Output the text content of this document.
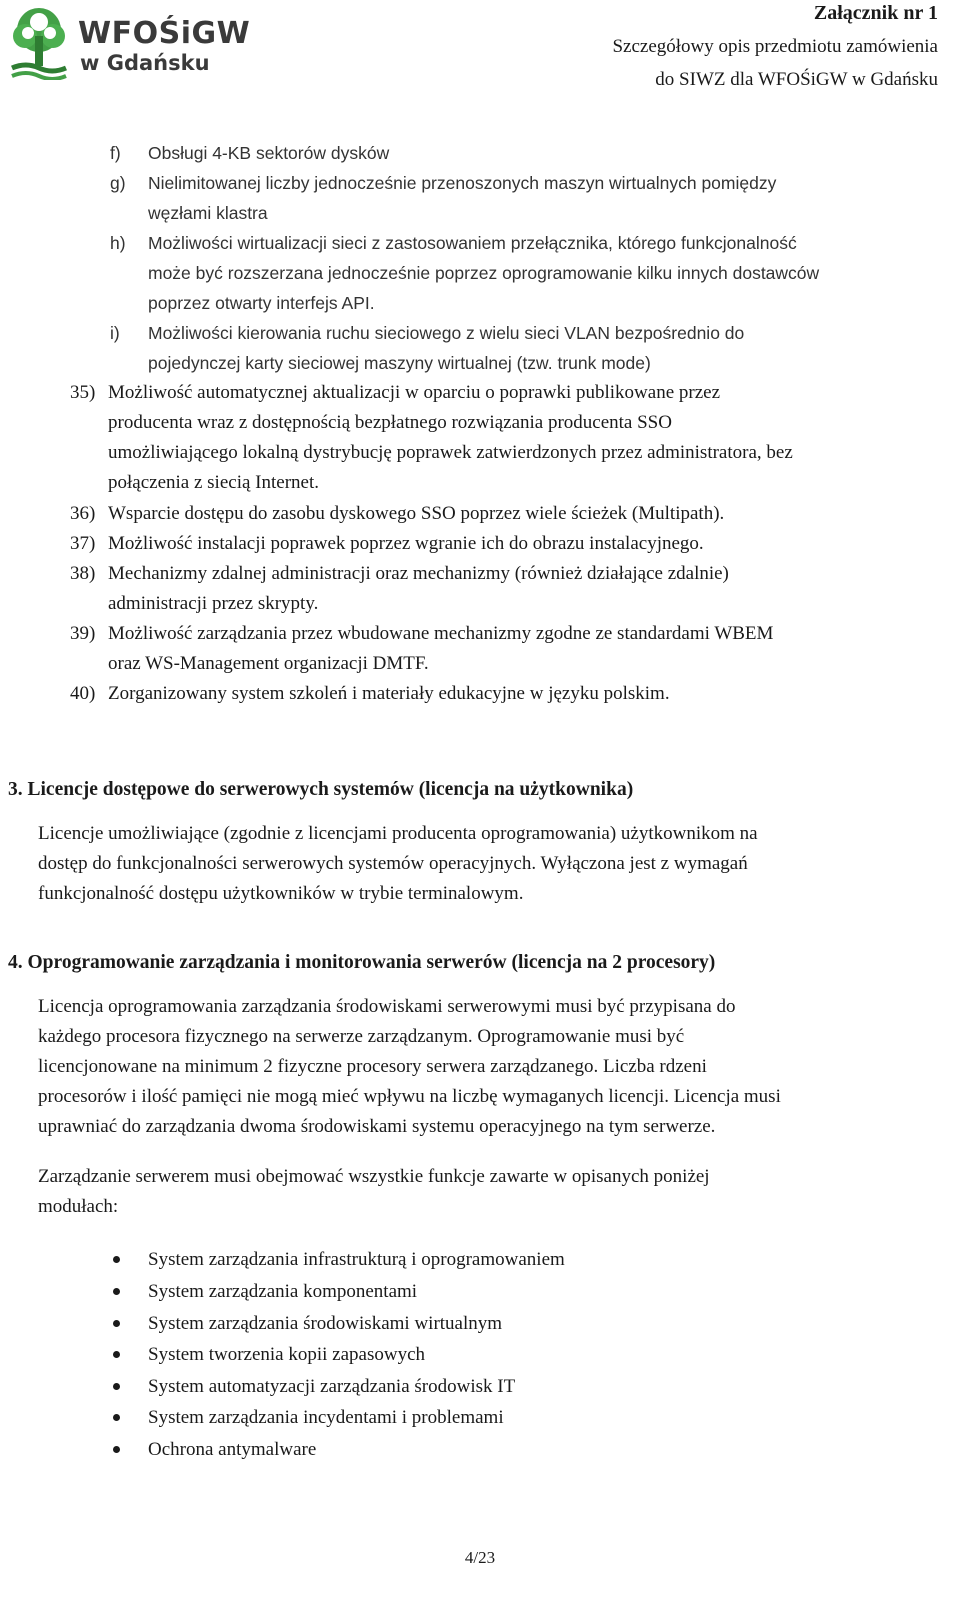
WFOŚiGW
w Gdańsku
Załącznik nr 1
Szczegółowy opis przedmiotu zamówienia
do SIWZ dla WFOŚiGW w Gdańsku
f) Obsługi 4-KB sektorów dysków
g) Nielimitowanej liczby jednocześnie przenoszonych maszyn wirtualnych pomiędzy
węzłami klastra
h) Możliwości wirtualizacji sieci z zastosowaniem przełącznika, którego funkcjonalność
może być rozszerzana jednocześnie poprzez oprogramowanie kilku innych dostawców
poprzez otwarty interfejs API.
i) Możliwości kierowania ruchu sieciowego z wielu sieci VLAN bezpośrednio do
pojedynczej karty sieciowej maszyny wirtualnej (tzw. trunk mode)
35) Możliwość automatycznej aktualizacji w oparciu o poprawki publikowane przez
producenta wraz z dostępnością bezpłatnego rozwiązania producenta SSO
umożliwiającego lokalną dystrybucję poprawek zatwierdzonych przez administratora, bez
połączenia z siecią Internet.
36) Wsparcie dostępu do zasobu dyskowego SSO poprzez wiele ścieżek (Multipath).
37) Możliwość instalacji poprawek poprzez wgranie ich do obrazu instalacyjnego.
38) Mechanizmy zdalnej administracji oraz mechanizmy (również działające zdalnie)
administracji przez skrypty.
39) Możliwość zarządzania przez wbudowane mechanizmy zgodne ze standardami WBEM
oraz WS-Management organizacji DMTF.
40) Zorganizowany system szkoleń i materiały edukacyjne w języku polskim.
3. Licencje dostępowe do serwerowych systemów (licencja na użytkownika)
Licencje umożliwiające (zgodnie z licencjami producenta oprogramowania) użytkownikom na
dostęp do funkcjonalności serwerowych systemów operacyjnych. Wyłączona jest z wymagań
funkcjonalność dostępu użytkowników w trybie terminalowym.
4. Oprogramowanie zarządzania i monitorowania serwerów (licencja na 2 procesory)
Licencja oprogramowania zarządzania środowiskami serwerowymi musi być przypisana do
każdego procesora fizycznego na serwerze zarządzanym. Oprogramowanie musi być
licencjonowane na minimum 2 fizyczne procesory serwera zarządzanego. Liczba rdzeni
procesorów i ilość pamięci nie mogą mieć wpływu na liczbę wymaganych licencji. Licencja musi
uprawniać do zarządzania dwoma środowiskami systemu operacyjnego na tym serwerze.
Zarządzanie serwerem musi obejmować wszystkie funkcje zawarte w opisanych poniżej
modułach:
System zarządzania infrastrukturą i oprogramowaniem
System zarządzania komponentami
System zarządzania środowiskami wirtualnym
System tworzenia kopii zapasowych
System automatyzacji zarządzania środowisk IT
System zarządzania incydentami i problemami
Ochrona antymalware
4/23
